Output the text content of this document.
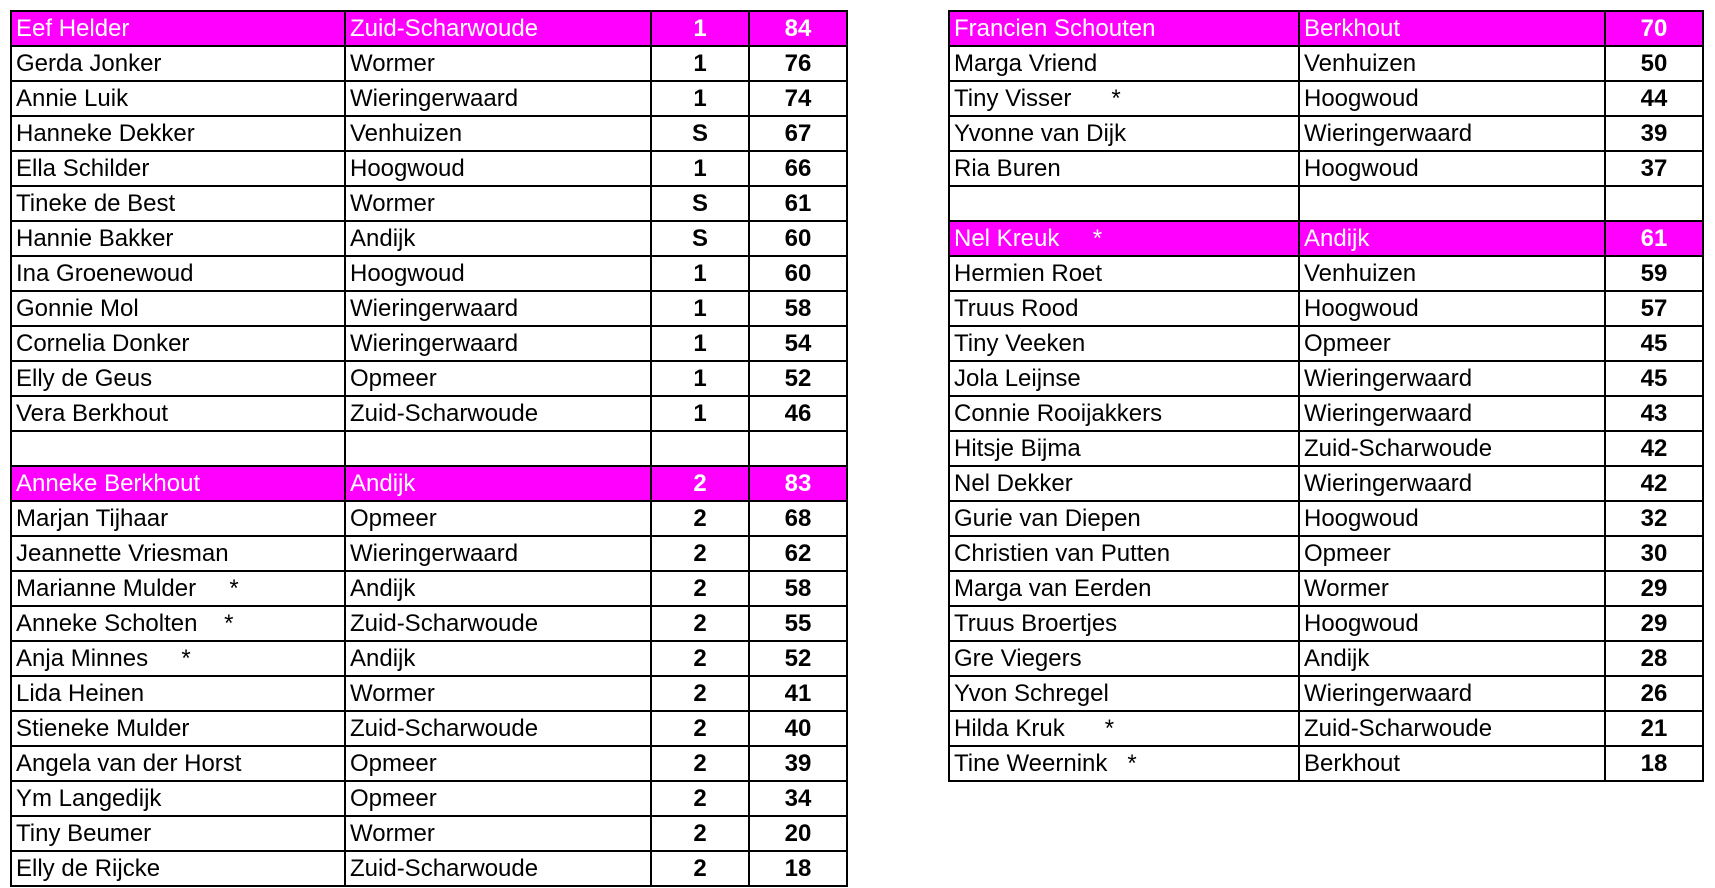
Eef Helder	Zuid-Scharwoude	1	84
Gerda Jonker	Wormer	1	76
Annie Luik	Wieringerwaard	1	74
Hanneke Dekker	Venhuizen	S	67
Ella Schilder	Hoogwoud	1	66
Tineke de Best	Wormer	S	61
Hannie Bakker	Andijk	S	60
Ina Groenewoud	Hoogwoud	1	60
Gonnie Mol	Wieringerwaard	1	58
Cornelia Donker	Wieringerwaard	1	54
Elly de Geus	Opmeer	1	52
Vera Berkhout	Zuid-Scharwoude	1	46

Anneke Berkhout	Andijk	2	83
Marjan Tijhaar	Opmeer	2	68
Jeannette Vriesman	Wieringerwaard	2	62
Marianne Mulder     *	Andijk	2	58
Anneke Scholten    *	Zuid-Scharwoude	2	55
Anja Minnes     *	Andijk	2	52
Lida Heinen	Wormer	2	41
Stieneke Mulder	Zuid-Scharwoude	2	40
Angela van der Horst	Opmeer	2	39
Ym Langedijk	Opmeer	2	34
Tiny Beumer	Wormer	2	20
Elly de Rijcke	Zuid-Scharwoude	2	18
Francien Schouten	Berkhout	70
Marga Vriend	Venhuizen	50
Tiny Visser      *	Hoogwoud	44
Yvonne van Dijk	Wieringerwaard	39
Ria Buren	Hoogwoud	37

Nel Kreuk     *	Andijk	61
Hermien Roet	Venhuizen	59
Truus Rood	Hoogwoud	57
Tiny Veeken	Opmeer	45
Jola Leijnse	Wieringerwaard	45
Connie Rooijakkers	Wieringerwaard	43
Hitsje Bijma	Zuid-Scharwoude	42
Nel Dekker	Wieringerwaard	42
Gurie van Diepen	Hoogwoud	32
Christien van Putten	Opmeer	30
Marga van Eerden	Wormer	29
Truus Broertjes	Hoogwoud	29
Gre Viegers	Andijk	28
Yvon Schregel	Wieringerwaard	26
Hilda Kruk      *	Zuid-Scharwoude	21
Tine Weernink   *	Berkhout	18
